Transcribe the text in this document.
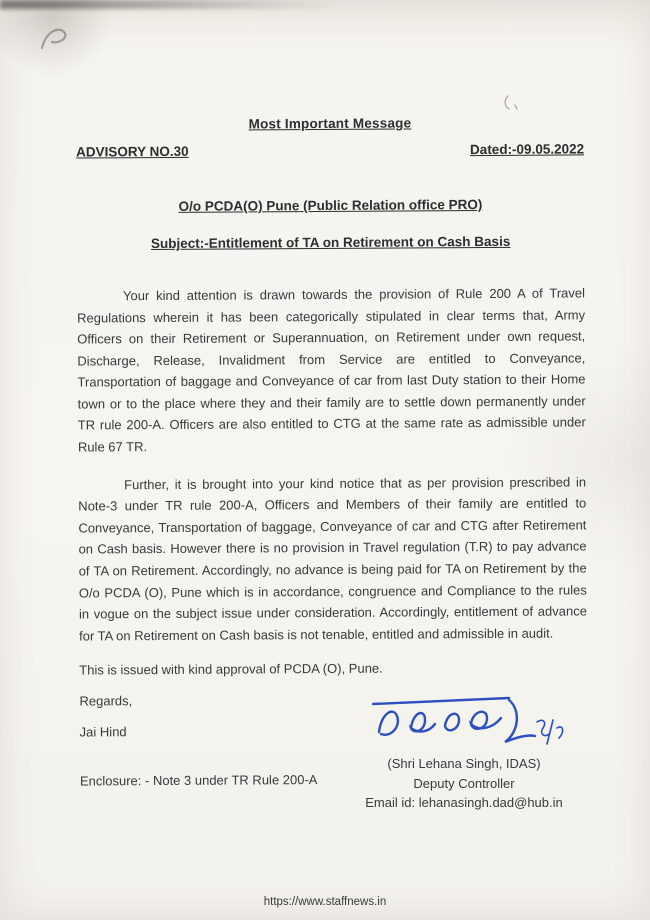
Most Important Message
ADVISORY NO.30	Dated:-09.05.2022
O/o PCDA(O) Pune (Public Relation office PRO)
Subject:-Entitlement of TA on Retirement on Cash Basis

Your kind attention is drawn towards the provision of Rule 200 A of Travel Regulations wherein it has been categorically stipulated in clear terms that, Army Officers on their Retirement or Superannuation, on Retirement under own request, Discharge, Release, Invalidment from Service are entitled to Conveyance, Transportation of baggage and Conveyance of car from last Duty station to their Home town or to the place where they and their family are to settle down permanently under TR rule 200-A. Officers are also entitled to CTG at the same rate as admissible under Rule 67 TR.

Further, it is brought into your kind notice that as per provision prescribed in Note-3 under TR rule 200-A, Officers and Members of their family are entitled to Conveyance, Transportation of baggage, Conveyance of car and CTG after Retirement on Cash basis. However there is no provision in Travel regulation (T.R) to pay advance of TA on Retirement. Accordingly, no advance is being paid for TA on Retirement by the O/o PCDA (O), Pune which is in accordance, congruence and Compliance to the rules in vogue on the subject issue under consideration. Accordingly, entitlement of advance for TA on Retirement on Cash basis is not tenable, entitled and admissible in audit.

This is issued with kind approval of PCDA (O), Pune.

Regards,

Jai Hind

Enclosure: - Note 3 under TR Rule 200-A

(Shri Lehana Singh, IDAS)
Deputy Controller
Email id: lehanasingh.dad@hub.in
https://www.staffnews.in
